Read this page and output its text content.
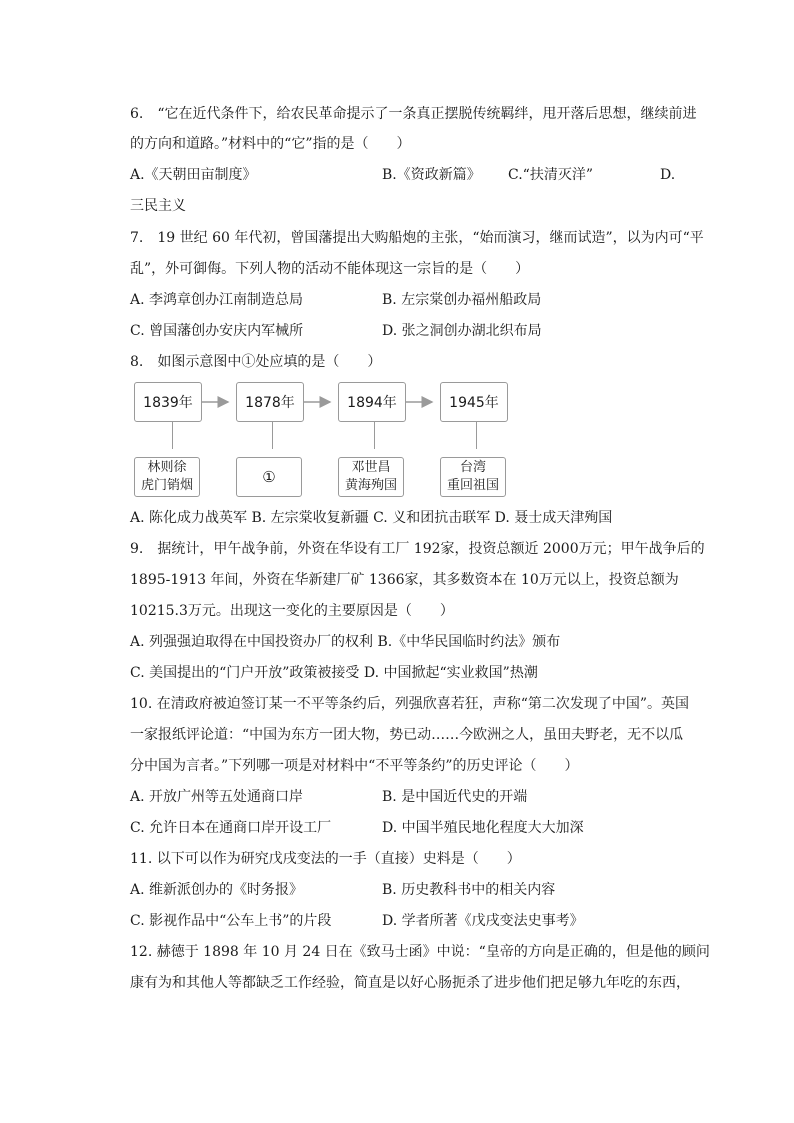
6.　“它在近代条件下，给农民革命提示了一条真正摆脱传统羁绊，甩开落后思想，继续前进
的方向和道路。”材料中的“它”指的是（　　）
A.《天朝田亩制度》	B.《资政新篇》 C.“扶清灭洋”	D.
三民主义
7.　19 世纪 60 年代初，曾国藩提出大购船炮的主张，“始而演习，继而试造”，以为内可“平
乱”，外可御侮。下列人物的活动不能体现这一宗旨的是（　　）
A. 李鸿章创办江南制造总局	B. 左宗棠创办福州船政局
C. 曾国藩创办安庆内军械所	D. 张之洞创办湖北织布局
8.　如图示意图中①处应填的是（　　）
1839年	1878年	1894年	1945年
林则徐
虎门销烟	①
邓世昌
黄海殉国
台湾
重回祖国
A. 陈化成力战英军 B. 左宗棠收复新疆 C. 义和团抗击联军 D. 聂士成天津殉国
9.　据统计，甲午战争前，外资在华设有工厂 192家，投资总额近 2000万元；甲午战争后的
1895-1913 年间，外资在华新建厂矿 1366家，其多数资本在 10万元以上，投资总额为
10215.3万元。出现这一变化的主要原因是（　　）
A. 列强强迫取得在中国投资办厂的权利 B.《中华民国临时约法》颁布
C. 美国提出的“门户开放”政策被接受 D. 中国掀起“实业救国”热潮
10. 在清政府被迫签订某一不平等条约后，列强欣喜若狂，声称“第二次发现了中国”。英国
一家报纸评论道：“中国为东方一团大物，势已动……今欧洲之人，虽田夫野老，无不以瓜
分中国为言者。”下列哪一项是对材料中“不平等条约”的历史评论（　　）
A. 开放广州等五处通商口岸	B. 是中国近代史的开端
C. 允许日本在通商口岸开设工厂	D. 中国半殖民地化程度大大加深
11. 以下可以作为研究戊戌变法的一手（直接）史料是（　　）
A. 维新派创办的《时务报》	B. 历史教科书中的相关内容
C. 影视作品中“公车上书”的片段	D. 学者所著《戊戌变法史事考》
12. 赫德于 1898 年 10 月 24 日在《致马士函》中说：“皇帝的方向是正确的，但是他的顾问
康有为和其他人等都缺乏工作经验，简直是以好心肠扼杀了进步他们把足够九年吃的东西，
